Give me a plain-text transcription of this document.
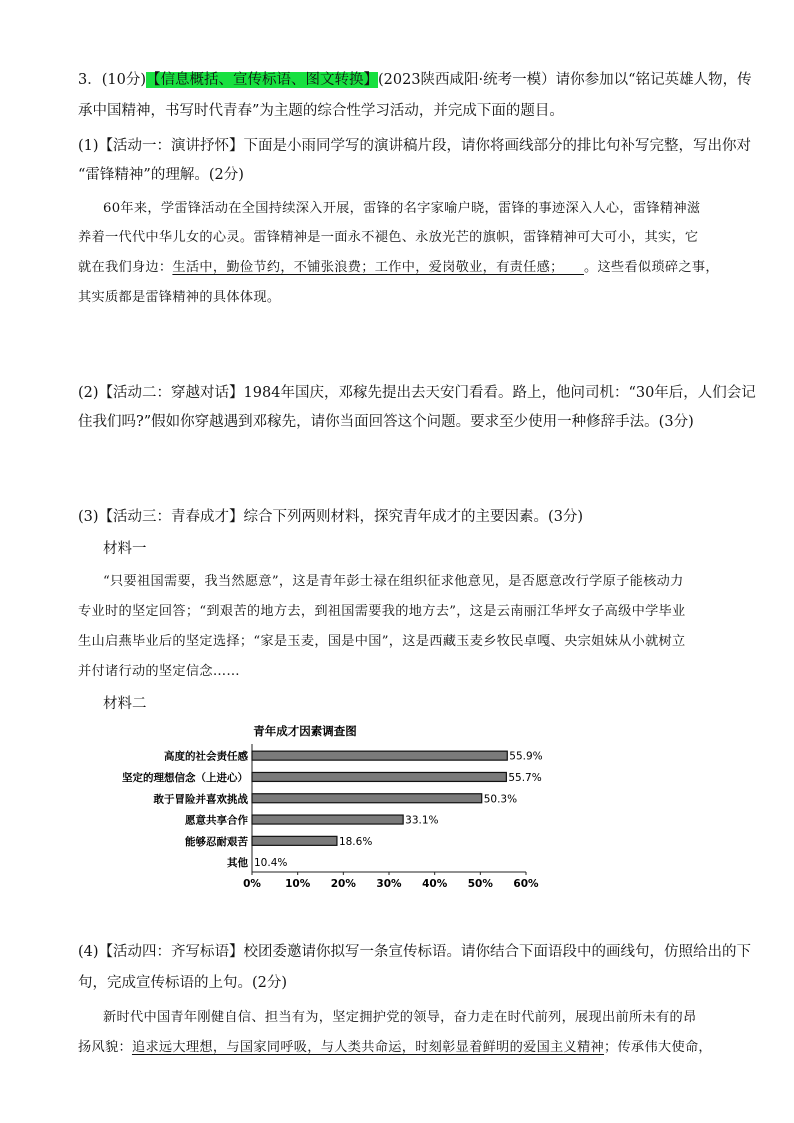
3．(10分)【信息概括、宣传标语、图文转换】(2023陕西咸阳·统考一模）请你参加以“铭记英雄人物，传
承中国精神，书写时代青春”为主题的综合性学习活动，并完成下面的题目。
(1)【活动一：演讲抒怀】下面是小雨同学写的演讲稿片段，请你将画线部分的排比句补写完整，写出你对
“雷锋精神”的理解。(2分)
60年来，学雷锋活动在全国持续深入开展，雷锋的名字家喻户晓，雷锋的事迹深入人心，雷锋精神滋
养着一代代中华儿女的心灵。雷锋精神是一面永不褪色、永放光芒的旗帜，雷锋精神可大可小，其实，它
就在我们身边：生活中，勤俭节约，不铺张浪费；工作中，爱岗敬业，有责任感；　　 。这些看似琐碎之事，
其实质都是雷锋精神的具体体现。
(2)【活动二：穿越对话】1984年国庆，邓稼先提出去天安门看看。路上，他问司机：“30年后，人们会记
住我们吗?”假如你穿越遇到邓稼先，请你当面回答这个问题。要求至少使用一种修辞手法。(3分)
(3)【活动三：青春成才】综合下列两则材料，探究青年成才的主要因素。(3分)
材料一
“只要祖国需要，我当然愿意”，这是青年彭士禄在组织征求他意见，是否愿意改行学原子能核动力
专业时的坚定回答；“到艰苦的地方去，到祖国需要我的地方去”，这是云南丽江华坪女子高级中学毕业
生山启燕毕业后的坚定选择；“家是玉麦，国是中国”，这是西藏玉麦乡牧民卓嘎、央宗姐妹从小就树立
并付诸行动的坚定信念……
材料二
青年成才因素调查图
0% 10% 20% 30% 40% 50% 60%
高度的社会责任感	55.9%
坚定的理想信念（上进心）	55.7%
敢于冒险并喜欢挑战	50.3%
愿意共享合作	33.1%
能够忍耐艰苦	18.6%
其他 10.4%
(4)【活动四：齐写标语】校团委邀请你拟写一条宣传标语。请你结合下面语段中的画线句，仿照给出的下
句，完成宣传标语的上句。(2分)
新时代中国青年刚健自信、担当有为，坚定拥护党的领导，奋力走在时代前列，展现出前所未有的昂
扬风貌：追求远大理想，与国家同呼吸，与人类共命运，时刻彰显着鲜明的爱国主义精神；传承伟大使命，
